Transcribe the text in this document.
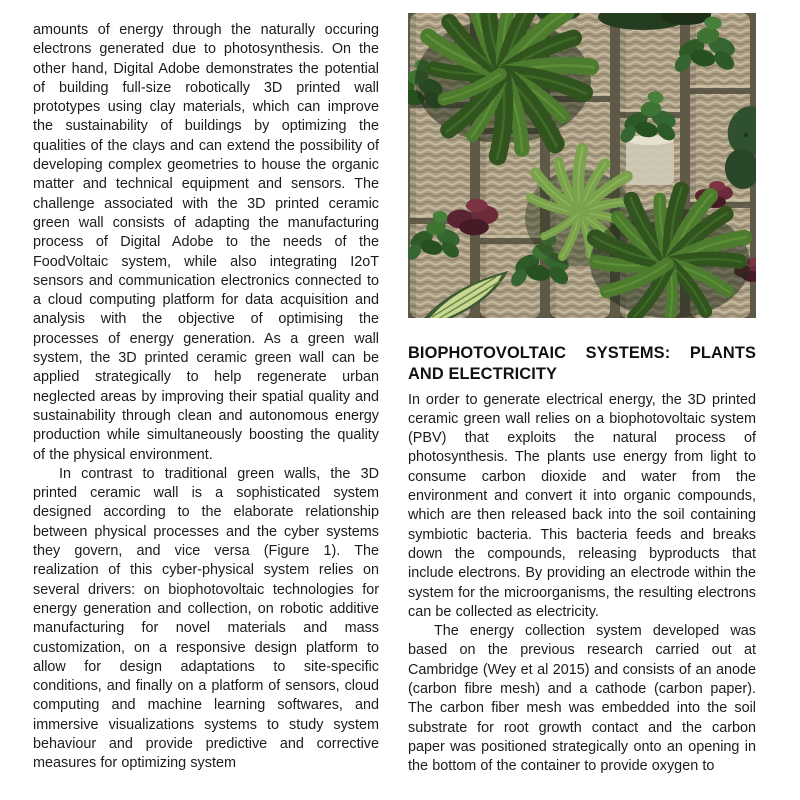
amounts of energy through the naturally occuring electrons generated due to photosynthesis. On the other hand, Digital Adobe demonstrates the potential of building full-size robotically 3D printed wall prototypes using clay materials, which can improve the sustainability of buildings by optimizing the qualities of the clays and can extend the possibility of developing complex geometries to house the organic matter and technical equipment and sensors. The challenge associated with the 3D printed ceramic green wall consists of adapting the manufacturing process of Digital Adobe to the needs of the FoodVoltaic system, while also integrating I2oT sensors and communication electronics connected to a cloud computing platform for data acquisition and analysis with the objective of optimising the processes of energy generation. As a green wall system, the 3D printed ceramic green wall can be applied strategically to help regenerate urban neglected areas by improving their spatial quality and sustainability through clean and autonomous energy production while simultaneously boosting the quality of the physical environment.

In contrast to traditional green walls, the 3D printed ceramic wall is a sophisticated system designed according to the elaborate relationship between physical processes and the cyber systems they govern, and vice versa (Figure 1). The realization of this cyber-physical system relies on several drivers: on biophotovoltaic technologies for energy generation and collection, on robotic additive manufacturing for novel materials and mass customization, on a responsive design platform to allow for design adaptations to site-specific conditions, and finally on a platform of sensors, cloud computing and machine learning softwares, and immersive visualizations systems to study system behaviour and provide predictive and corrective measures for optimizing system

BIOPHOTOVOLTAIC SYSTEMS: PLANTS
AND ELECTRICITY

In order to generate electrical energy, the 3D printed ceramic green wall relies on a biophotovoltaic system (PBV) that exploits the natural process of photosynthesis. The plants use energy from light to consume carbon dioxide and water from the environment and convert it into organic compounds, which are then released back into the soil containing symbiotic bacteria. This bacteria feeds and breaks down the compounds, releasing byproducts that include electrons. By providing an electrode within the system for the microorganisms, the resulting electrons can be collected as electricity.

The energy collection system developed was based on the previous research carried out at Cambridge (Wey et al 2015) and consists of an anode (carbon fibre mesh) and a cathode (carbon paper). The carbon fiber mesh was embedded into the soil substrate for root growth contact and the carbon paper was positioned strategically onto an opening in the bottom of the container to provide oxygen to
